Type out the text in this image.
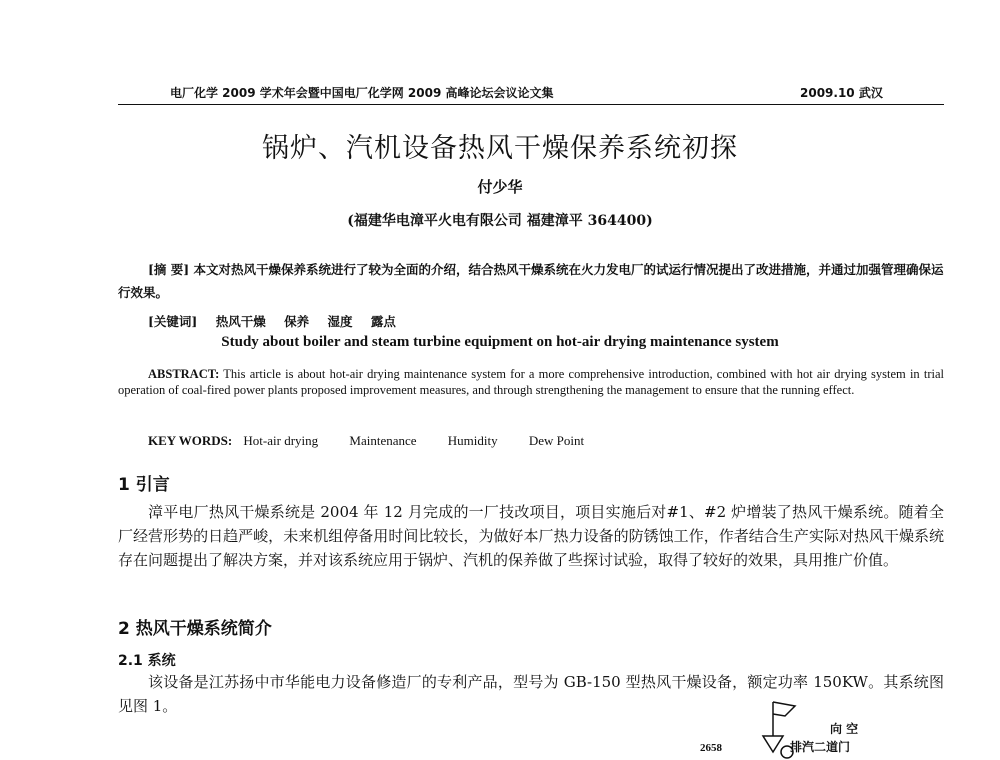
电厂化学 2009 学术年会暨中国电厂化学网 2009 高峰论坛会议论文集	2009.10 武汉
锅炉、汽机设备热风干燥保养系统初探
付少华
(福建华电漳平火电有限公司 福建漳平 364400)
[摘 要] 本文对热风干燥保养系统进行了较为全面的介绍，结合热风干燥系统在火力发电厂的试运行情况提出了改进措施，并通过加强管理确保运行效果。
[关键词] 热风干燥 保养 湿度 露点
Study about boiler and steam turbine equipment on hot-air drying maintenance system
ABSTRACT: This article is about hot-air drying maintenance system for a more comprehensive introduction, combined with hot air drying system in trial operation of coal-fired power plants proposed improvement measures, and through strengthening the management to ensure that the running effect.
KEY WORDS: Hot-air drying Maintenance Humidity Dew Point
1 引言
漳平电厂热风干燥系统是 2004 年 12 月完成的一厂技改项目，项目实施后对#1、#2 炉增装了热风干燥系统。随着全厂经营形势的日趋严峻，未来机组停备用时间比较长，为做好本厂热力设备的防锈蚀工作，作者结合生产实际对热风干燥系统存在问题提出了解决方案，并对该系统应用于锅炉、汽机的保养做了些探讨试验，取得了较好的效果，具用推广价值。
2 热风干燥系统简介
2.1 系统
该设备是江苏扬中市华能电力设备修造厂的专利产品，型号为 GB-150 型热风干燥设备，额定功率 150KW。其系统图见图 1。
向 空
排汽二道门
2658
